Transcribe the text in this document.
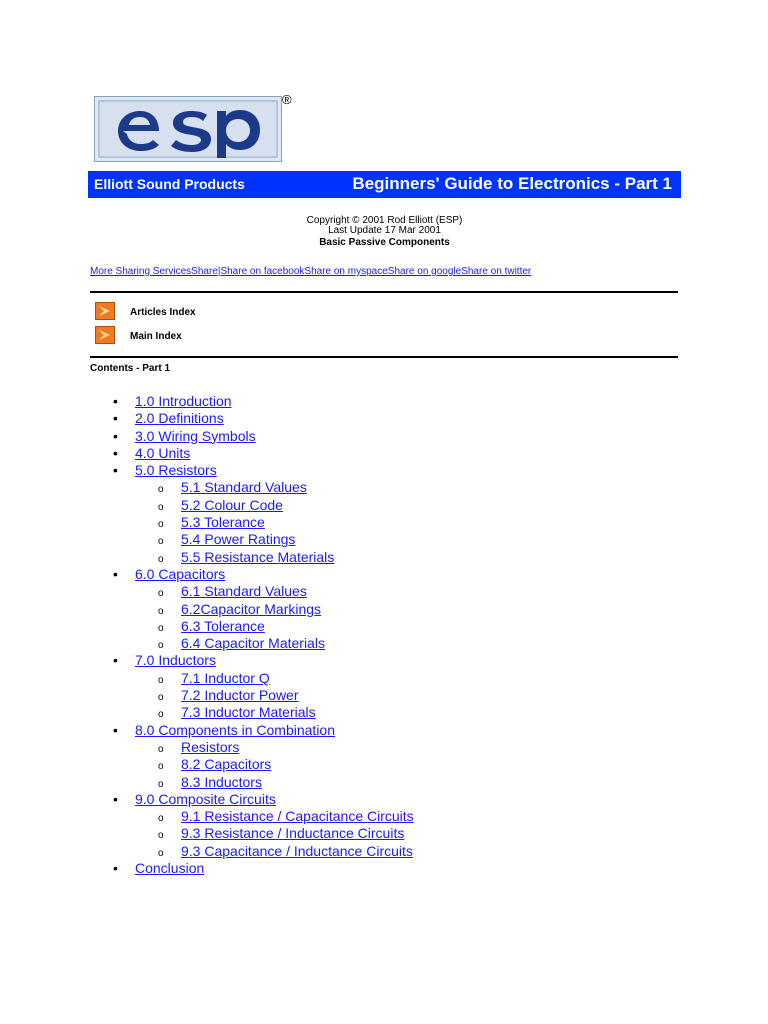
®
Elliott Sound Products	Beginners' Guide to Electronics - Part 1
Copyright © 2001 Rod Elliott (ESP)
Last Update 17 Mar 2001
Basic Passive Components
More Sharing ServicesShare|Share on facebookShare on myspaceShare on googleShare on twitter
Articles Index
Main Index
Contents - Part 1
• 1.0 Introduction
• 2.0 Definitions
• 3.0 Wiring Symbols
• 4.0 Units
• 5.0 Resistors
o 5.1 Standard Values
o 5.2 Colour Code
o 5.3 Tolerance
o 5.4 Power Ratings
o 5.5 Resistance Materials
• 6.0 Capacitors
o 6.1 Standard Values
o 6.2Capacitor Markings
o 6.3 Tolerance
o 6.4 Capacitor Materials
• 7.0 Inductors
o 7.1 Inductor Q
o 7.2 Inductor Power
o 7.3 Inductor Materials
• 8.0 Components in Combination
o Resistors
o 8.2 Capacitors
o 8.3 Inductors
• 9.0 Composite Circuits
o 9.1 Resistance / Capacitance Circuits
o 9.3 Resistance / Inductance Circuits
o 9.3 Capacitance / Inductance Circuits
• Conclusion
